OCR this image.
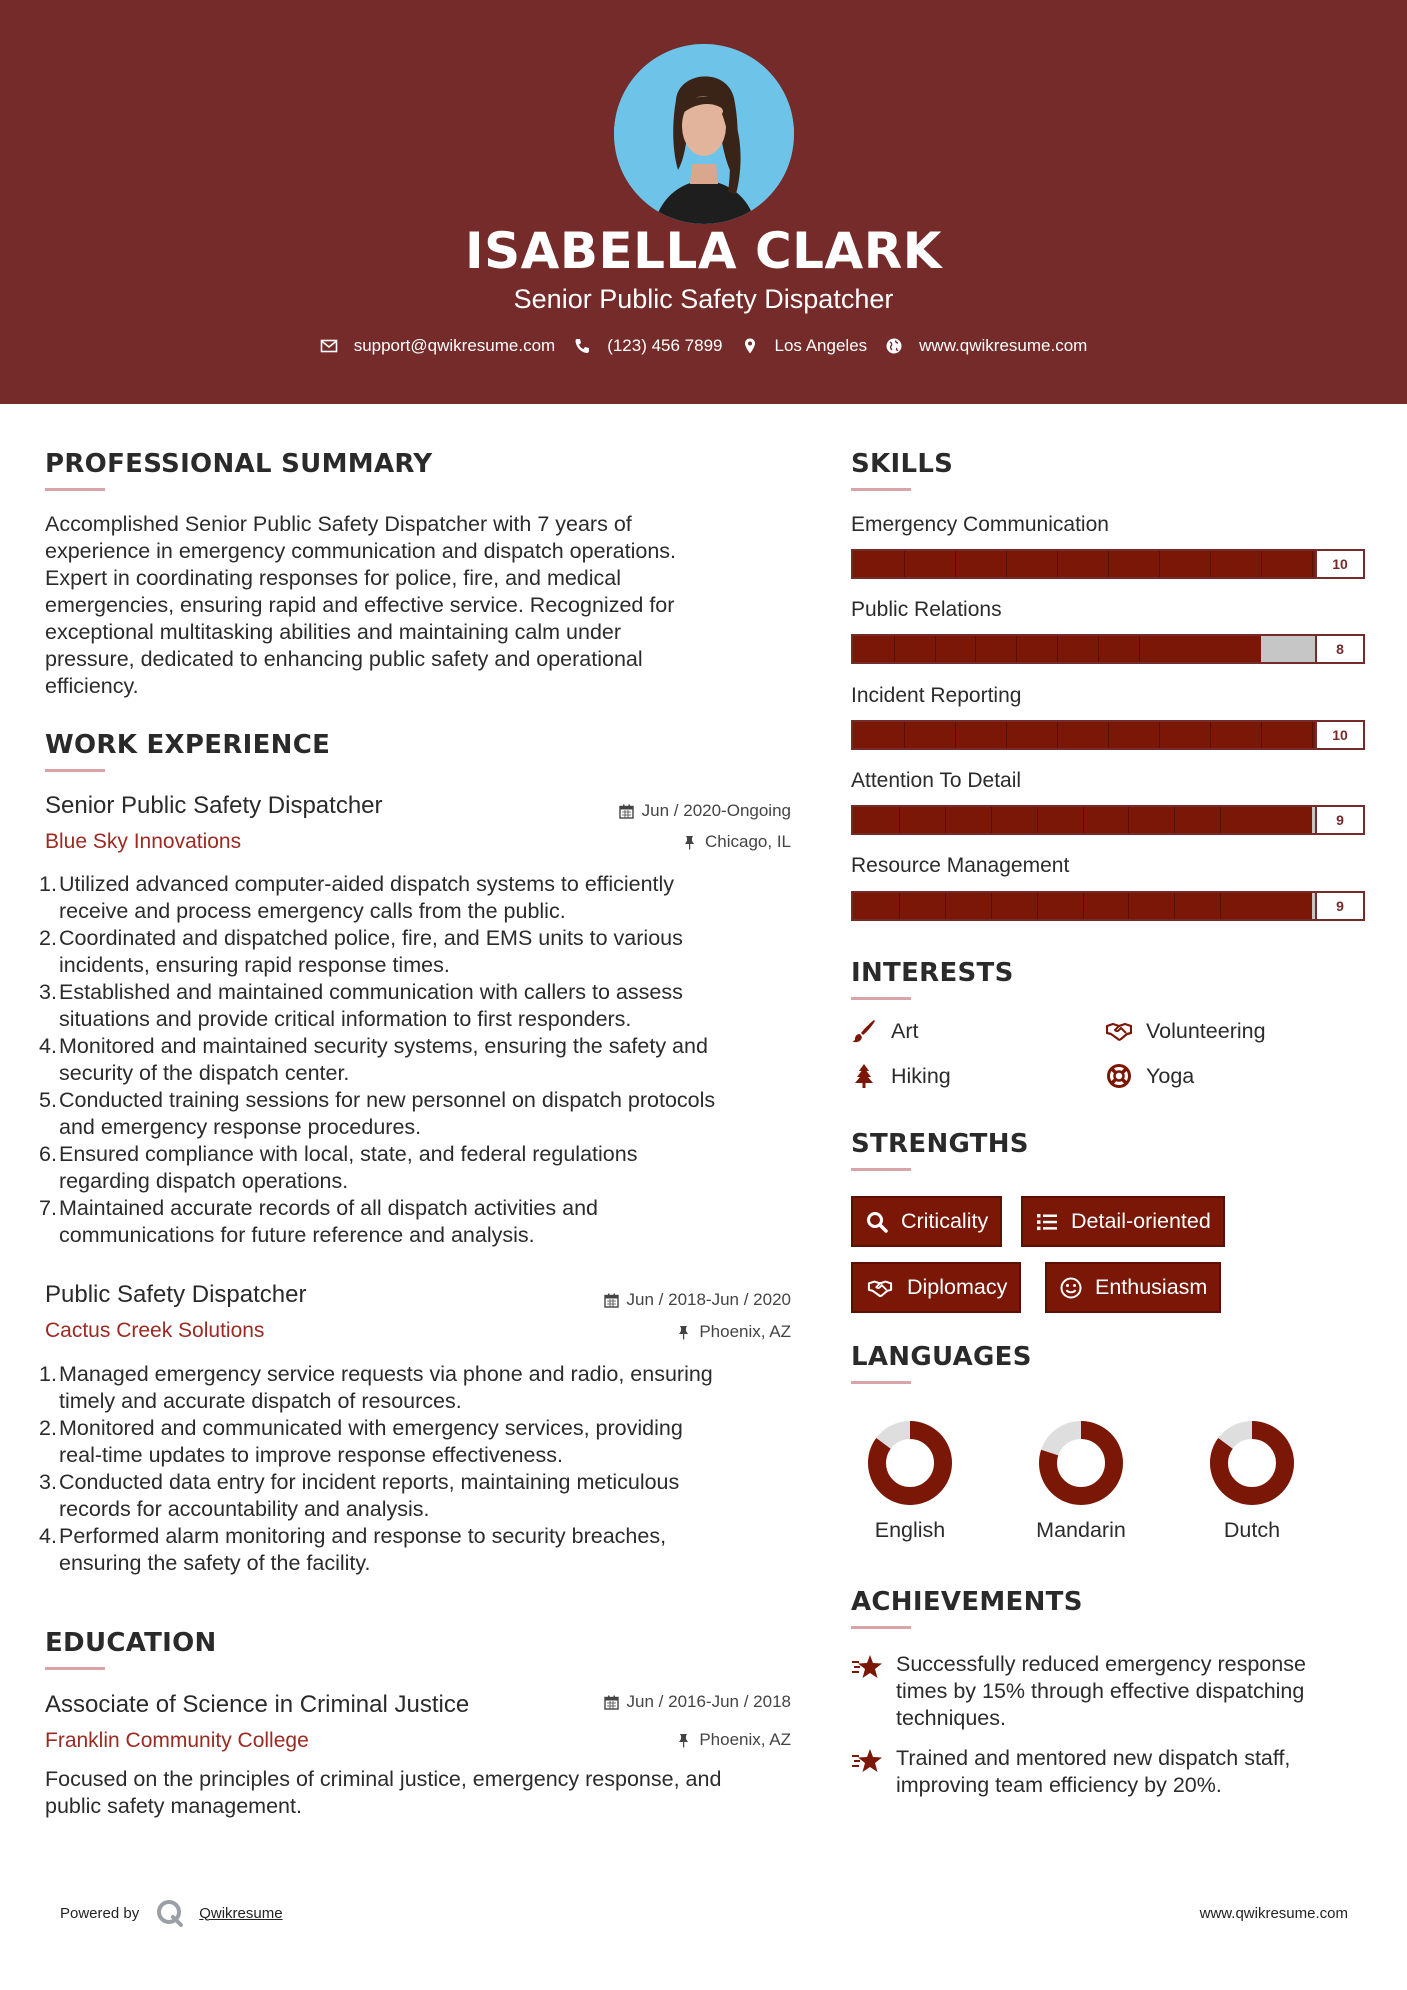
ISABELLA CLARK
Senior Public Safety Dispatcher
support@qwikresume.com	(123) 456 7899	Los Angeles	www.qwikresume.com
PROFESSIONAL SUMMARY
Accomplished Senior Public Safety Dispatcher with 7 years of
experience in emergency communication and dispatch operations.
Expert in coordinating responses for police, fire, and medical
emergencies, ensuring rapid and effective service. Recognized for
exceptional multitasking abilities and maintaining calm under
pressure, dedicated to enhancing public safety and operational
efficiency.
WORK EXPERIENCE
Senior Public Safety Dispatcher
Blue Sky Innovations
Jun / 2020-Ongoing
Chicago, IL
1. Utilized advanced computer-aided dispatch systems to efficiently
receive and process emergency calls from the public.
2. Coordinated and dispatched police, fire, and EMS units to various
incidents, ensuring rapid response times.
3. Established and maintained communication with callers to assess
situations and provide critical information to first responders.
4. Monitored and maintained security systems, ensuring the safety and
security of the dispatch center.
5. Conducted training sessions for new personnel on dispatch protocols
and emergency response procedures.
6. Ensured compliance with local, state, and federal regulations
regarding dispatch operations.
7. Maintained accurate records of all dispatch activities and
communications for future reference and analysis.
Public Safety Dispatcher
Cactus Creek Solutions
Jun / 2018-Jun / 2020
Phoenix, AZ
1. Managed emergency service requests via phone and radio, ensuring
timely and accurate dispatch of resources.
2. Monitored and communicated with emergency services, providing
real-time updates to improve response effectiveness.
3. Conducted data entry for incident reports, maintaining meticulous
records for accountability and analysis.
4. Performed alarm monitoring and response to security breaches,
ensuring the safety of the facility.
EDUCATION
Associate of Science in Criminal Justice
Franklin Community College
Jun / 2016-Jun / 2018
Phoenix, AZ
Focused on the principles of criminal justice, emergency response, and
public safety management.
SKILLS
Emergency Communication
10
Public Relations
8
Incident Reporting
10
Attention To Detail
9
Resource Management
9
INTERESTS
Art	Volunteering
Hiking	Yoga
STRENGTHS
Criticality	Detail-oriented
Diplomacy	Enthusiasm
LANGUAGES
English	Mandarin	Dutch
ACHIEVEMENTS
Successfully reduced emergency response
times by 15% through effective dispatching
techniques.
Trained and mentored new dispatch staff,
improving team efficiency by 20%.
Powered by	Qwikresume	www.qwikresume.com
